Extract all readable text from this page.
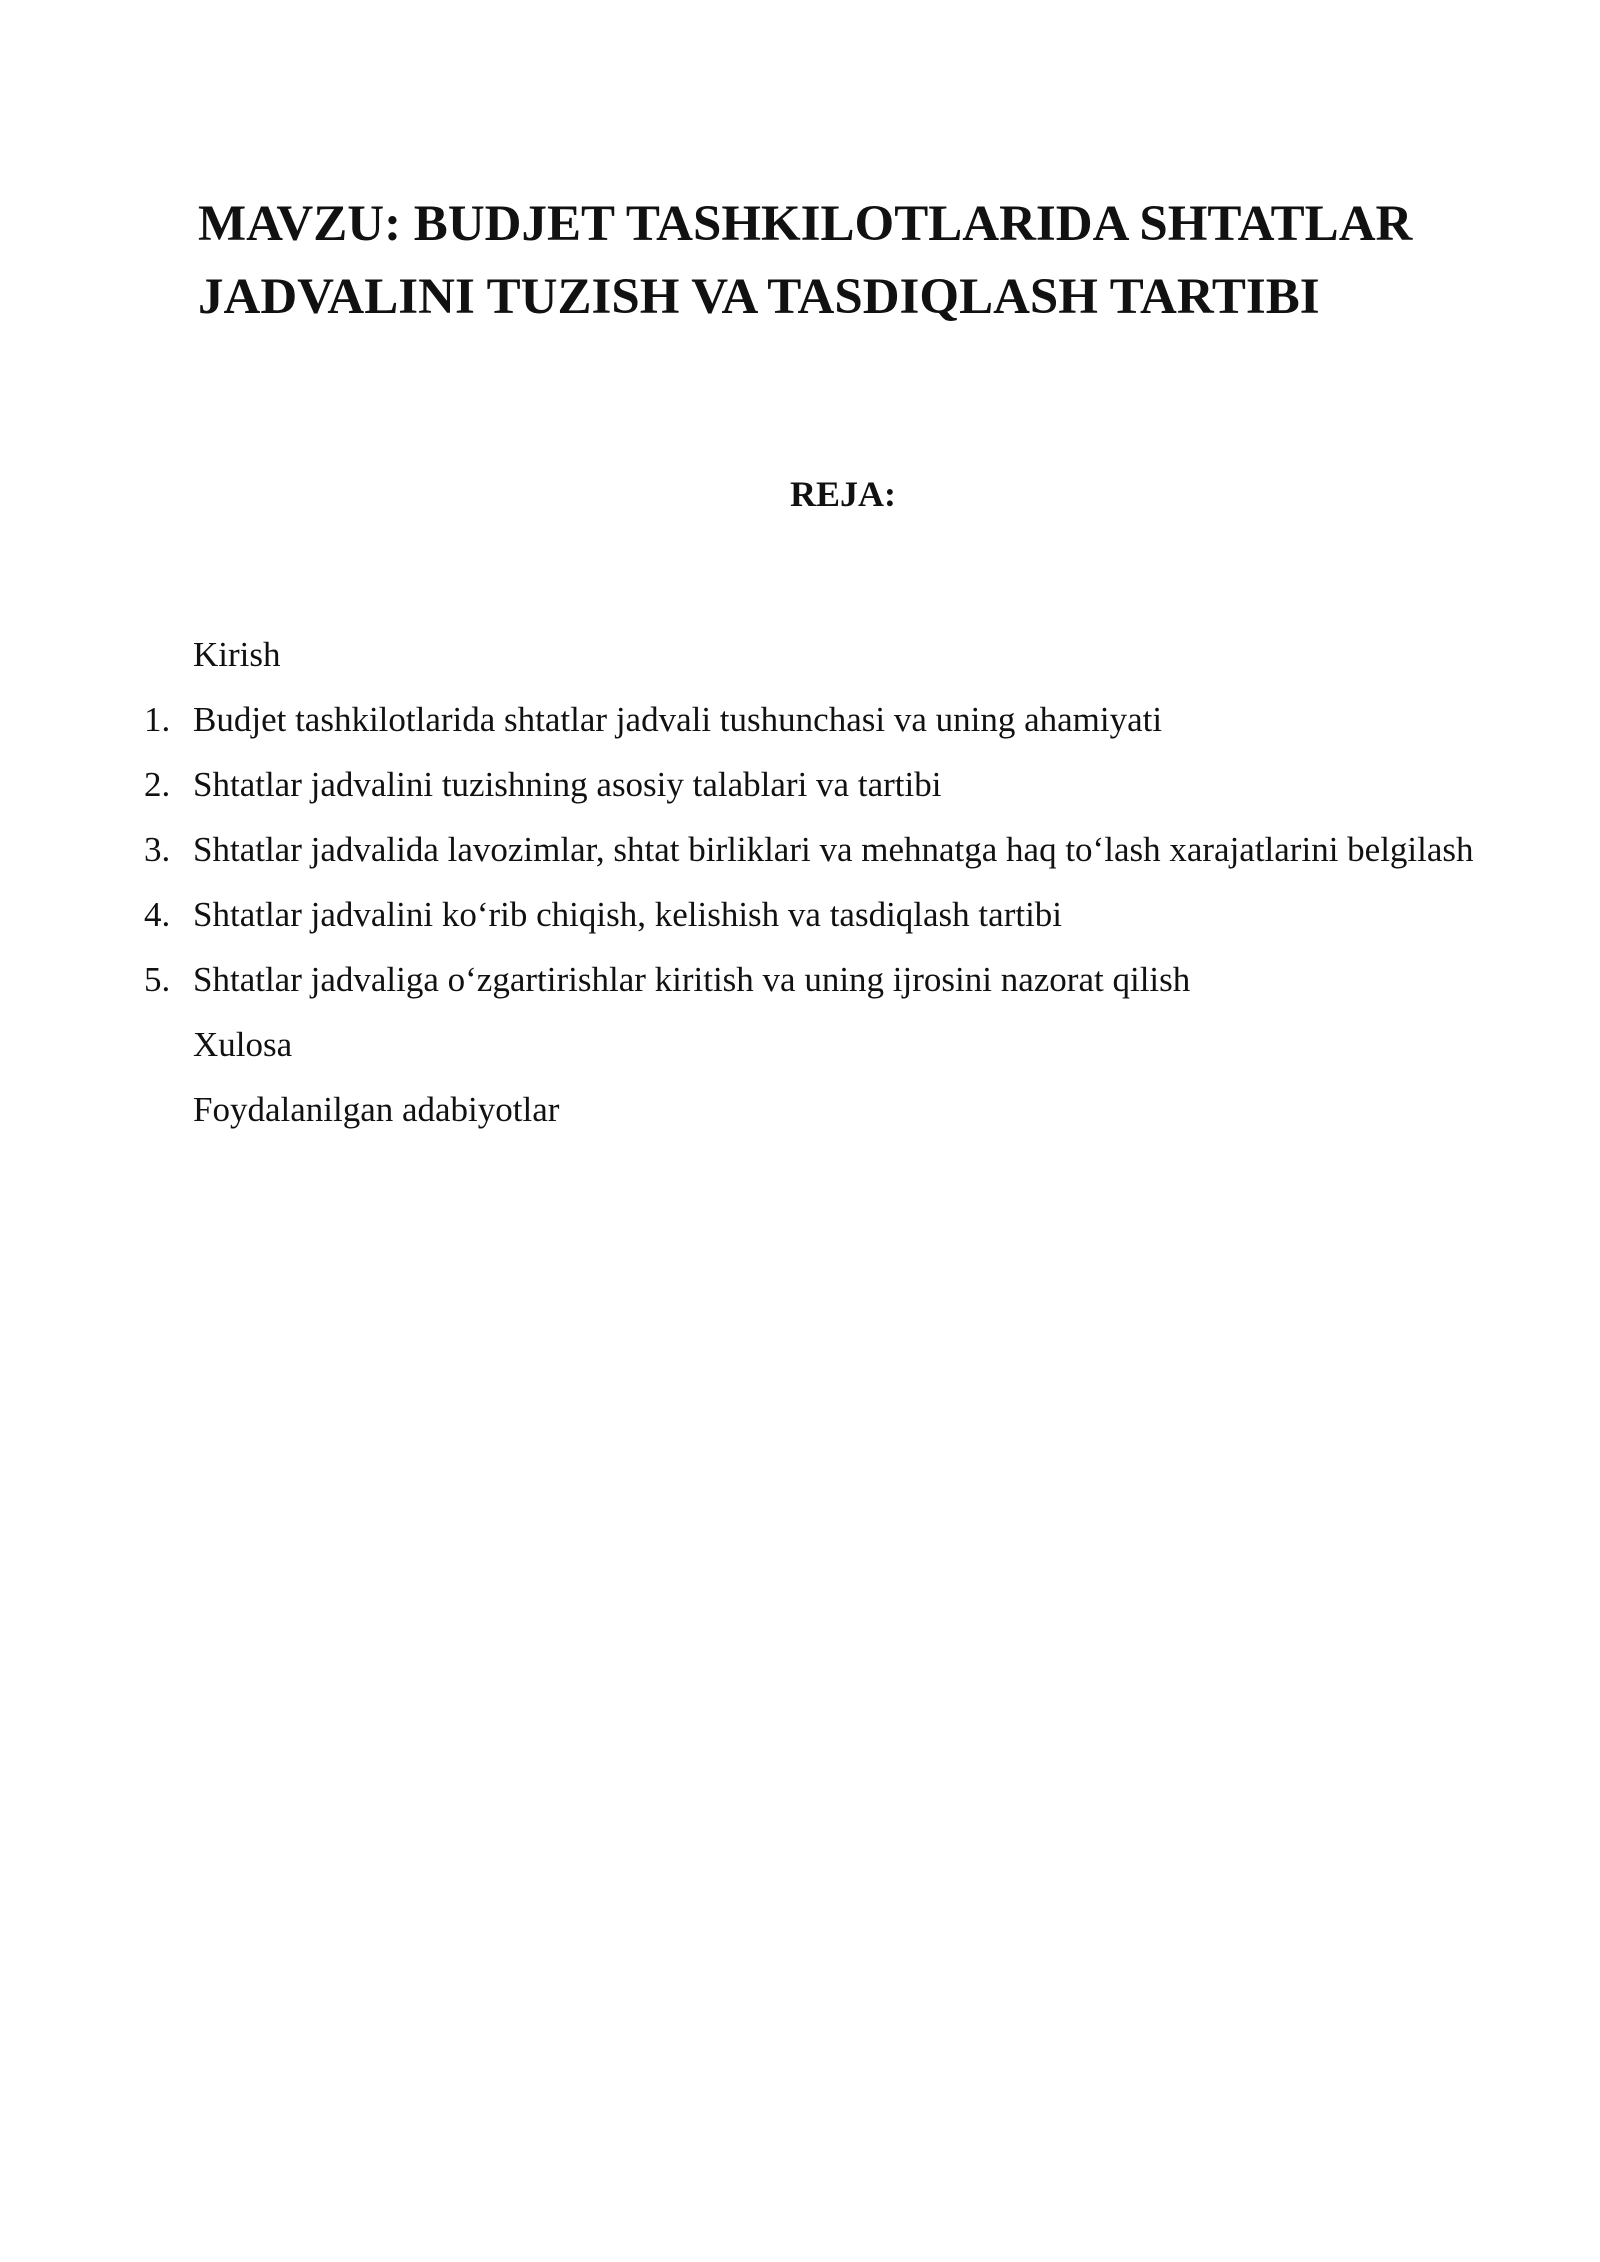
MAVZU: BUDJET TASHKILOTLARIDA SHTATLAR
JADVALINI TUZISH VA TASDIQLASH TARTIBI
REJA:
Kirish
1. Budjet tashkilotlarida shtatlar jadvali tushunchasi va uning ahamiyati
2. Shtatlar jadvalini tuzishning asosiy talablari va tartibi
3. Shtatlar jadvalida lavozimlar, shtat birliklari va mehnatga haq to‘lash xarajatlarini belgilash
4. Shtatlar jadvalini ko‘rib chiqish, kelishish va tasdiqlash tartibi
5. Shtatlar jadvaliga o‘zgartirishlar kiritish va uning ijrosini nazorat qilish
Xulosa
Foydalanilgan adabiyotlar
